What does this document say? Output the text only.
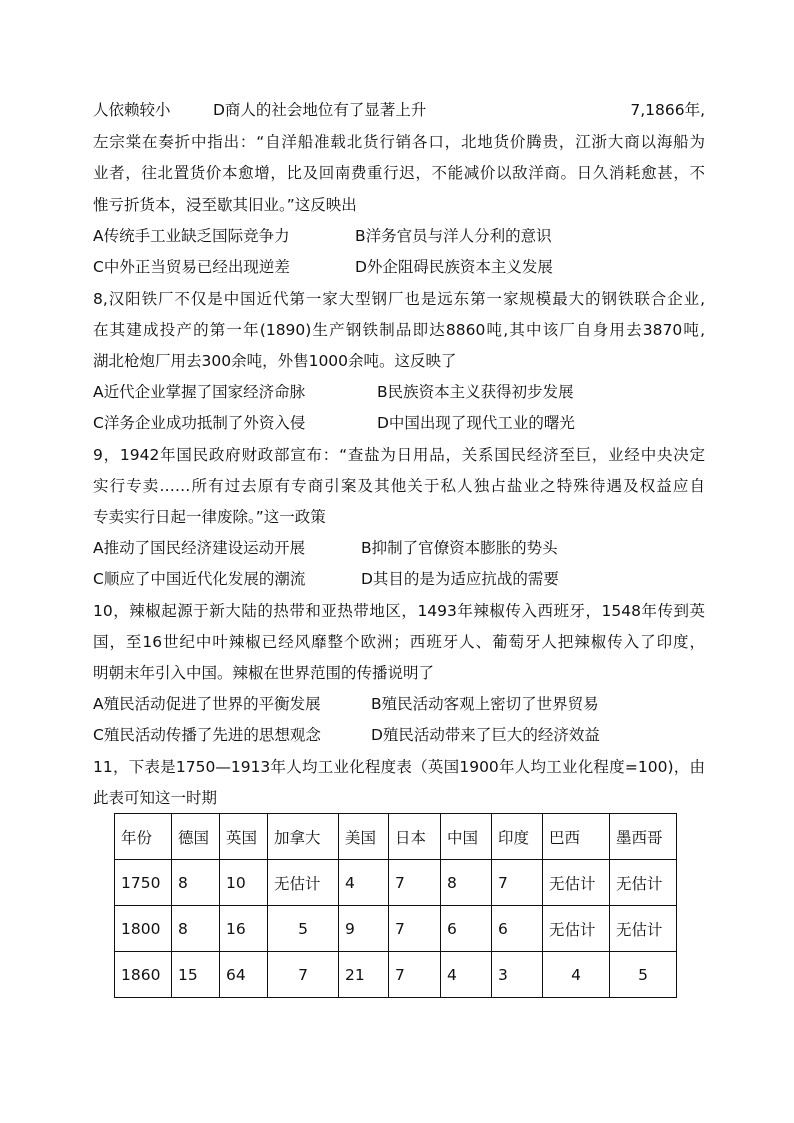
人依赖较小	D商人的社会地位有了显著上升	7,1866年,
左宗棠在奏折中指出：“自洋船准载北货行销各口，北地货价腾贵，江浙大商以海船为
业者，往北置货价本愈增，比及回南费重行迟，不能减价以敌洋商。日久消耗愈甚，不
惟亏折货本，浸至歇其旧业。”这反映出
A传统手工业缺乏国际竞争力	B洋务官员与洋人分利的意识
C中外正当贸易已经出现逆差	D外企阻碍民族资本主义发展
8,汉阳铁厂不仅是中国近代第一家大型钢厂也是远东第一家规模最大的钢铁联合企业,
在其建成投产的第一年(1890)生产钢铁制品即达8860吨,其中该厂自身用去3870吨,
湖北枪炮厂用去300余吨，外售1000余吨。这反映了
A近代企业掌握了国家经济命脉	B民族资本主义获得初步发展
C洋务企业成功抵制了外资入侵	D中国出现了现代工业的曙光
9，1942年国民政府财政部宣布：“查盐为日用品，关系国民经济至巨，业经中央决定
实行专卖……所有过去原有专商引案及其他关于私人独占盐业之特殊待遇及权益应自
专卖实行日起一律废除。”这一政策
A推动了国民经济建设运动开展	B抑制了官僚资本膨胀的势头
C顺应了中国近代化发展的潮流	D其目的是为适应抗战的需要
10，辣椒起源于新大陆的热带和亚热带地区，1493年辣椒传入西班牙，1548年传到英
国，至16世纪中叶辣椒已经风靡整个欧洲；西班牙人、葡萄牙人把辣椒传入了印度，
明朝末年引入中国。辣椒在世界范围的传播说明了
A殖民活动促进了世界的平衡发展	B殖民活动客观上密切了世界贸易
C殖民活动传播了先进的思想观念	D殖民活动带来了巨大的经济效益
11，下表是1750—1913年人均工业化程度表（英国1900年人均工业化程度=100)，由
此表可知这一时期
年份	德国	英国	加拿大	美国	日本	中国	印度	巴西	墨西哥
1750	8	10	无估计	4	7	8	7	无估计	无估计
1800	8	16	5	9	7	6	6	无估计	无估计
1860	15	64	7	21	7	4	3	4	5
